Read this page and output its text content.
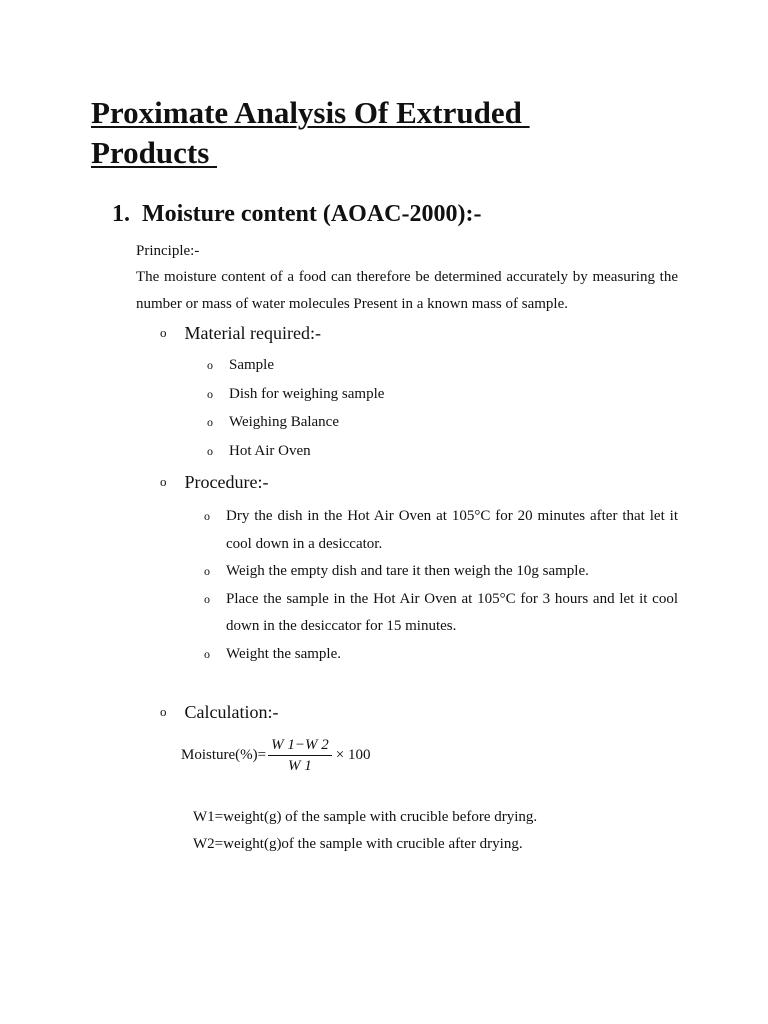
Proximate Analysis Of Extruded
Products
1. Moisture content (AOAC-2000):-

Principle:-

The moisture content of a food can therefore be determined accurately by measuring the number or mass of water molecules Present in a known mass of sample.

o Material required:-
o Sample
o Dish for weighing sample
o Weighing Balance
o Hot Air Oven
o Procedure:-
o Dry the dish in the Hot Air Oven at 105°C for 20 minutes after that let it cool down in a desiccator.
o Weigh the empty dish and tare it then weigh the 10g sample.
o Place the sample in the Hot Air Oven at 105°C for 3 hours and let it cool down in the desiccator for 15 minutes.
o Weight the sample.
o Calculation:-
Moisture(%)= $\frac{W 1-W 2}{W 1} \times 100$

W1=weight(g) of the sample with crucible before drying.

W2=weight(g)of the sample with crucible after drying.
